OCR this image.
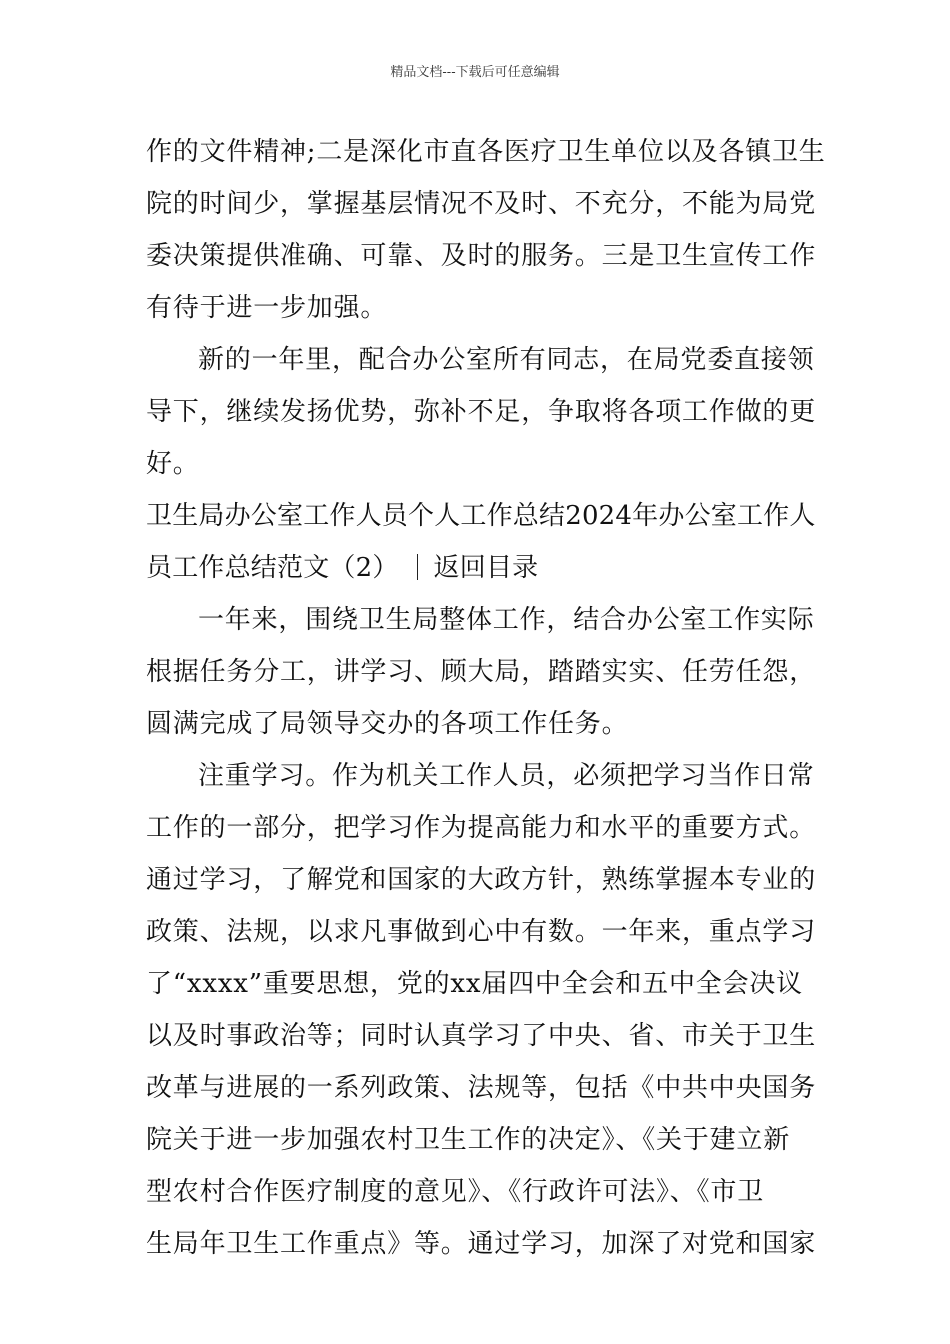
精品文档---下载后可任意编辑
作的文件精神;二是深化市直各医疗卫生单位以及各镇卫生
院的时间少，掌握基层情况不及时、不充分，不能为局党
委决策提供准确、可靠、及时的服务。三是卫生宣传工作
有待于进一步加强。
新的一年里，配合办公室所有同志，在局党委直接领
导下，继续发扬优势，弥补不足，争取将各项工作做的更
好。
卫生局办公室工作人员个人工作总结2024年办公室工作人
员工作总结范文（2） 返回目录
一年来，围绕卫生局整体工作，结合办公室工作实际
根据任务分工，讲学习、顾大局，踏踏实实、任劳任怨，
圆满完成了局领导交办的各项工作任务。
注重学习。作为机关工作人员，必须把学习当作日常
工作的一部分，把学习作为提高能力和水平的重要方式。
通过学习，了解党和国家的大政方针，熟练掌握本专业的
政策、法规，以求凡事做到心中有数。一年来，重点学习
了“xxxx”重要思想，党的xx届四中全会和五中全会决议
以及时事政治等；同时认真学习了中央、省、市关于卫生
改革与进展的一系列政策、法规等，包括《中共中央国务
院关于进一步加强农村卫生工作的决定》、《关于建立新
型农村合作医疗制度的意见》、《行政许可法》、《市卫
生局年卫生工作重点》等。通过学习，加深了对党和国家
